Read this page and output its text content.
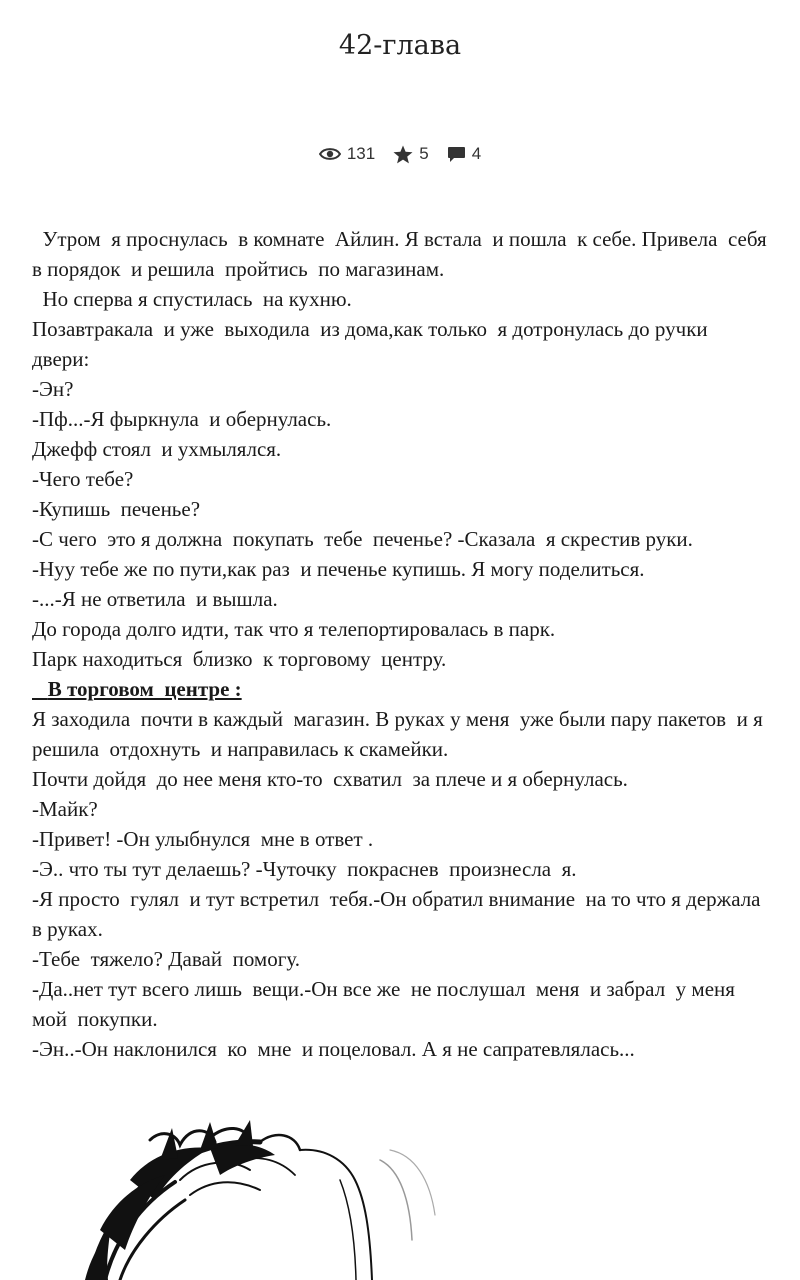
42-глава
131	5	4

Утром  я проснулась  в комнате  Айлин. Я встала  и пошла  к себе. Привела  себя в порядок  и решила  пройтись  по магазинам.

Но сперва я спустилась  на кухню.

Позавтракала  и уже  выходила  из дома,как только  я дотронулась до ручки  двери:

-Эн?

-Пф...-Я фыркнула  и обернулась.

Джефф стоял  и ухмылялся.

-Чего тебе?

-Купишь  печенье?

-С чего  это я должна  покупать  тебе  печенье? -Сказала  я скрестив руки.

-Нуу тебе же по пути,как раз  и печенье купишь. Я могу поделиться.

-...-Я не ответила  и вышла.

До города долго идти, так что я телепортировалась в парк.

Парк находиться  близко  к торговому  центру.

В торговом  центре :

Я заходила  почти в каждый  магазин. В руках у меня  уже были пару пакетов  и я решила  отдохнуть  и направилась к скамейки.

Почти дойдя  до нее меня кто-то  схватил  за плече и я обернулась.

-Майк?

-Привет! -Он улыбнулся  мне в ответ .

-Э.. что ты тут делаешь? -Чуточку  покраснев  произнесла  я.

-Я просто  гулял  и тут встретил  тебя.-Он обратил внимание  на то что я держала  в руках.

-Тебе  тяжело? Давай  помогу.

-Да..нет тут всего лишь  вещи.-Он все же  не послушал  меня  и забрал  у меня мой  покупки.

-Эн..-Он наклонился  ко  мне  и поцеловал. А я не сапратевлялась...
